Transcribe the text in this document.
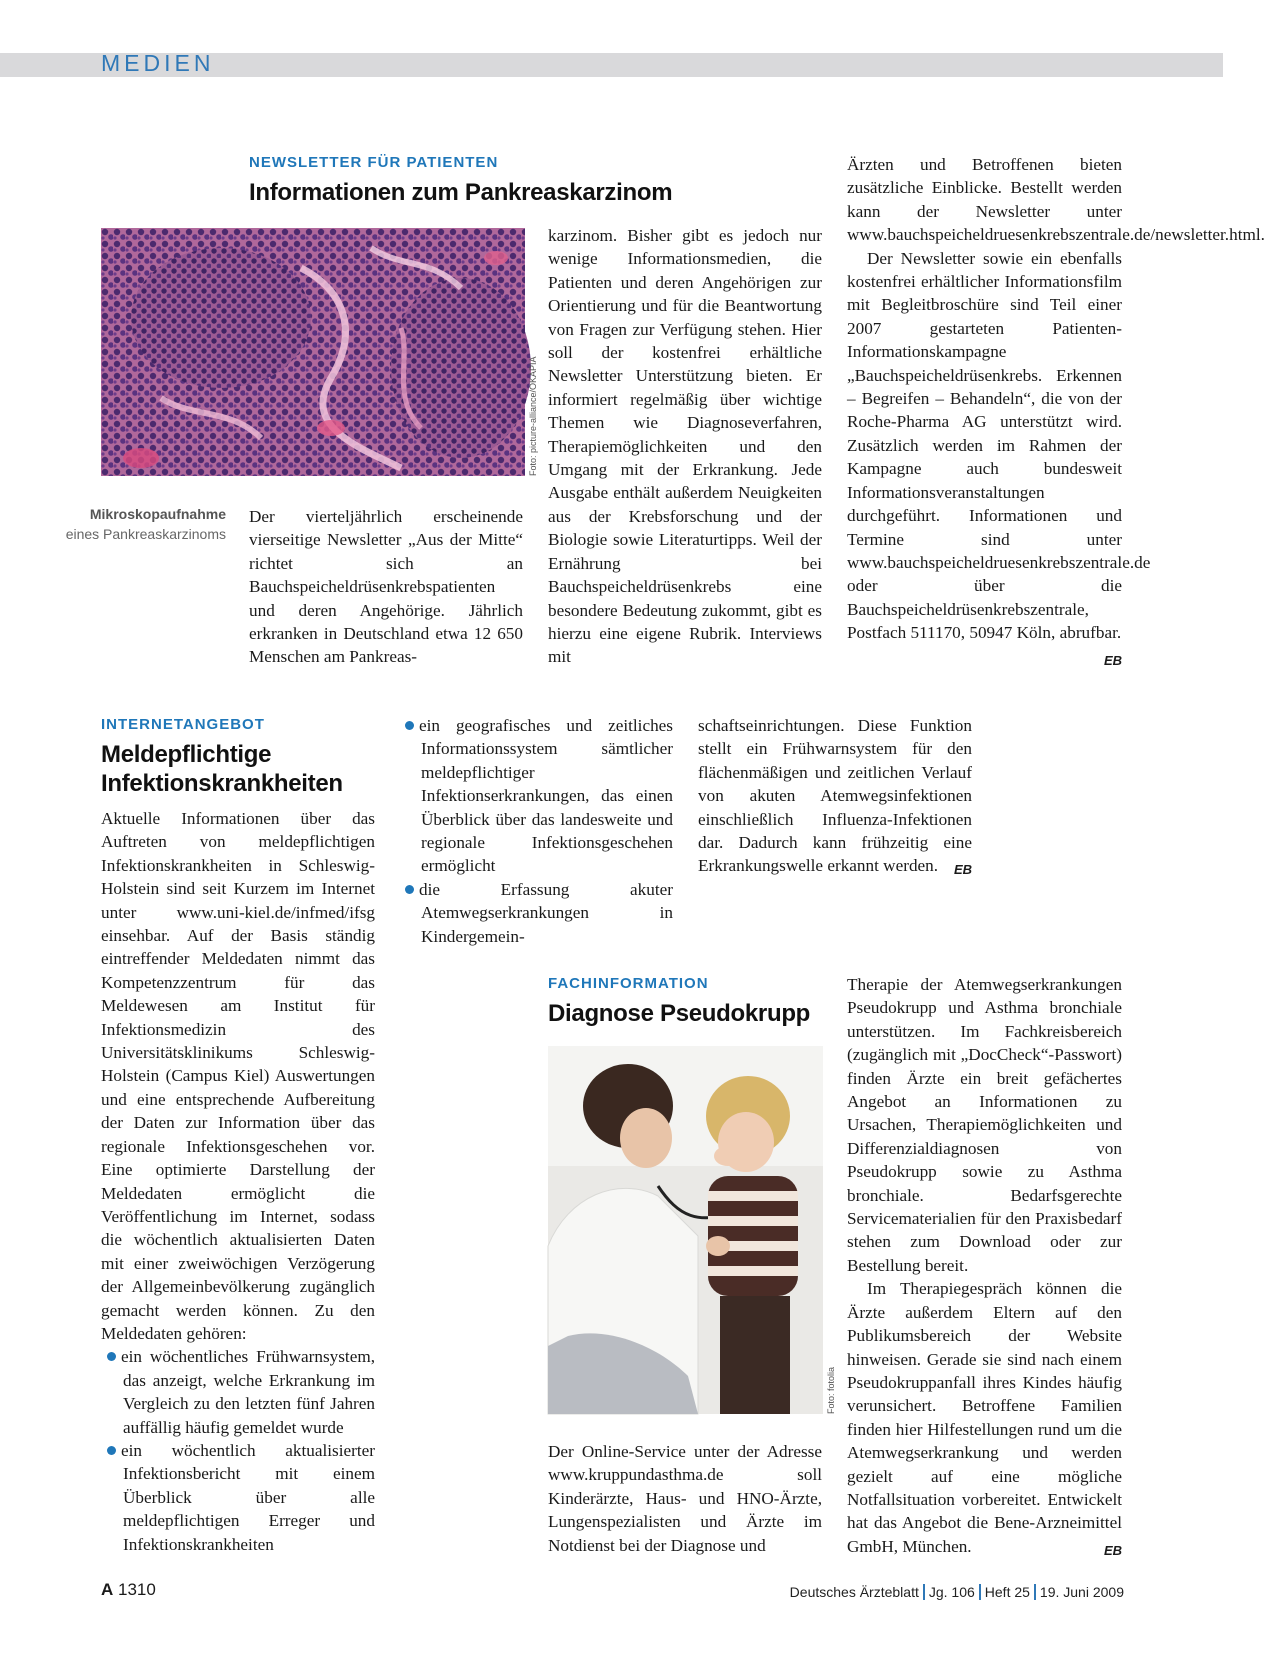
MEDIEN
NEWSLETTER FÜR PATIENTEN
Informationen zum Pankreaskarzinom
Foto: picture-alliance/OKAPIA
Mikroskopaufnahme
eines Pankreaskarzinoms

Der vierteljährlich erscheinende vierseitige Newsletter „Aus der Mitte“ richtet sich an Bauchspeicheldrüsenkrebspatienten und deren Angehörige. Jährlich erkranken in Deutschland etwa 12 650 Menschen am Pankreas-

karzinom. Bisher gibt es jedoch nur wenige Informationsmedien, die Patienten und deren Angehörigen zur Orientierung und für die Beantwortung von Fragen zur Verfügung stehen. Hier soll der kostenfrei erhältliche Newsletter Unterstützung bieten. Er informiert regelmäßig über wichtige Themen wie Diagnoseverfahren, Therapiemöglichkeiten und den Umgang mit der Erkrankung. Jede Ausgabe enthält außerdem Neuigkeiten aus der Krebsforschung und der Biologie sowie Literaturtipps. Weil der Ernährung bei Bauchspeicheldrüsenkrebs eine besondere Bedeutung zukommt, gibt es hierzu eine eigene Rubrik. Interviews mit

Ärzten und Betroffenen bieten zusätzliche Einblicke. Bestellt werden kann der Newsletter unter www.bauchspeicheldruesenkrebszentrale.de/newsletter.html.

Der Newsletter sowie ein ebenfalls kostenfrei erhältlicher Informationsfilm mit Begleitbroschüre sind Teil einer 2007 gestarteten Patienten-Informationskampagne „Bauchspeicheldrüsenkrebs. Erkennen – Begreifen – Behandeln“, die von der Roche-Pharma AG unterstützt wird. Zusätzlich werden im Rahmen der Kampagne auch bundesweit Informationsveranstaltungen durchgeführt. Informationen und Termine sind unter www.bauchspeicheldruesenkrebszentrale.de oder über die Bauchspeicheldrüsenkrebszentrale, Postfach 511170, 50947 Köln, abrufbar.
EB

INTERNETANGEBOT
Meldepflichtige
Infektionskrankheiten

Aktuelle Informationen über das Auftreten von meldepflichtigen Infektionskrankheiten in Schleswig-Holstein sind seit Kurzem im Internet unter www.uni-kiel.de/infmed/ifsg einsehbar. Auf der Basis ständig eintreffender Meldedaten nimmt das Kompetenzzentrum für das Meldewesen am Institut für Infektionsmedizin des Universitätsklinikums Schleswig-Holstein (Campus Kiel) Auswertungen und eine entsprechende Aufbereitung der Daten zur Information über das regionale Infektionsgeschehen vor. Eine optimierte Darstellung der Meldedaten ermöglicht die Veröffentlichung im Internet, sodass die wöchentlich aktualisierten Daten mit einer zweiwöchigen Verzögerung der Allgemeinbevölkerung zugänglich gemacht werden können. Zu den Meldedaten gehören:

ein wöchentliches Frühwarnsystem, das anzeigt, welche Erkrankung im Vergleich zu den letzten fünf Jahren auffällig häufig gemeldet wurde

ein wöchentlich aktualisierter Infektionsbericht mit einem Überblick über alle meldepflichtigen Erreger und Infektionskrankheiten

ein geografisches und zeitliches Informationssystem sämtlicher meldepflichtiger Infektionserkrankungen, das einen Überblick über das landesweite und regionale Infektionsgeschehen ermöglicht

die Erfassung akuter Atemwegserkrankungen in Kindergemein-

schaftseinrichtungen. Diese Funktion stellt ein Frühwarnsystem für den flächenmäßigen und zeitlichen Verlauf von akuten Atemwegsinfektionen einschließlich Influenza-Infektionen dar. Dadurch kann frühzeitig eine Erkrankungswelle erkannt werden. EB

FACHINFORMATION
Diagnose Pseudokrupp
Foto: fotolia

Der Online-Service unter der Adresse www.kruppundasthma.de soll Kinderärzte, Haus- und HNO-Ärzte, Lungenspezialisten und Ärzte im Notdienst bei der Diagnose und

Therapie der Atemwegserkrankungen Pseudokrupp und Asthma bronchiale unterstützen. Im Fachkreisbereich (zugänglich mit „DocCheck“-Passwort) finden Ärzte ein breit gefächertes Angebot an Informationen zu Ursachen, Therapiemöglichkeiten und Differenzialdiagnosen von Pseudokrupp sowie zu Asthma bronchiale. Bedarfsgerechte Servicematerialien für den Praxisbedarf stehen zum Download oder zur Bestellung bereit.

Im Therapiegespräch können die Ärzte außerdem Eltern auf den Publikumsbereich der Website hinweisen. Gerade sie sind nach einem Pseudokruppanfall ihres Kindes häufig verunsichert. Betroffene Familien finden hier Hilfestellungen rund um die Atemwegserkrankung und werden gezielt auf eine mögliche Notfallsituation vorbereitet. Entwickelt hat das Angebot die Bene-Arzneimittel GmbH, München.	EB

A 1310	Deutsches Ärzteblatt Jg. 106 Heft 25 19. Juni 2009
